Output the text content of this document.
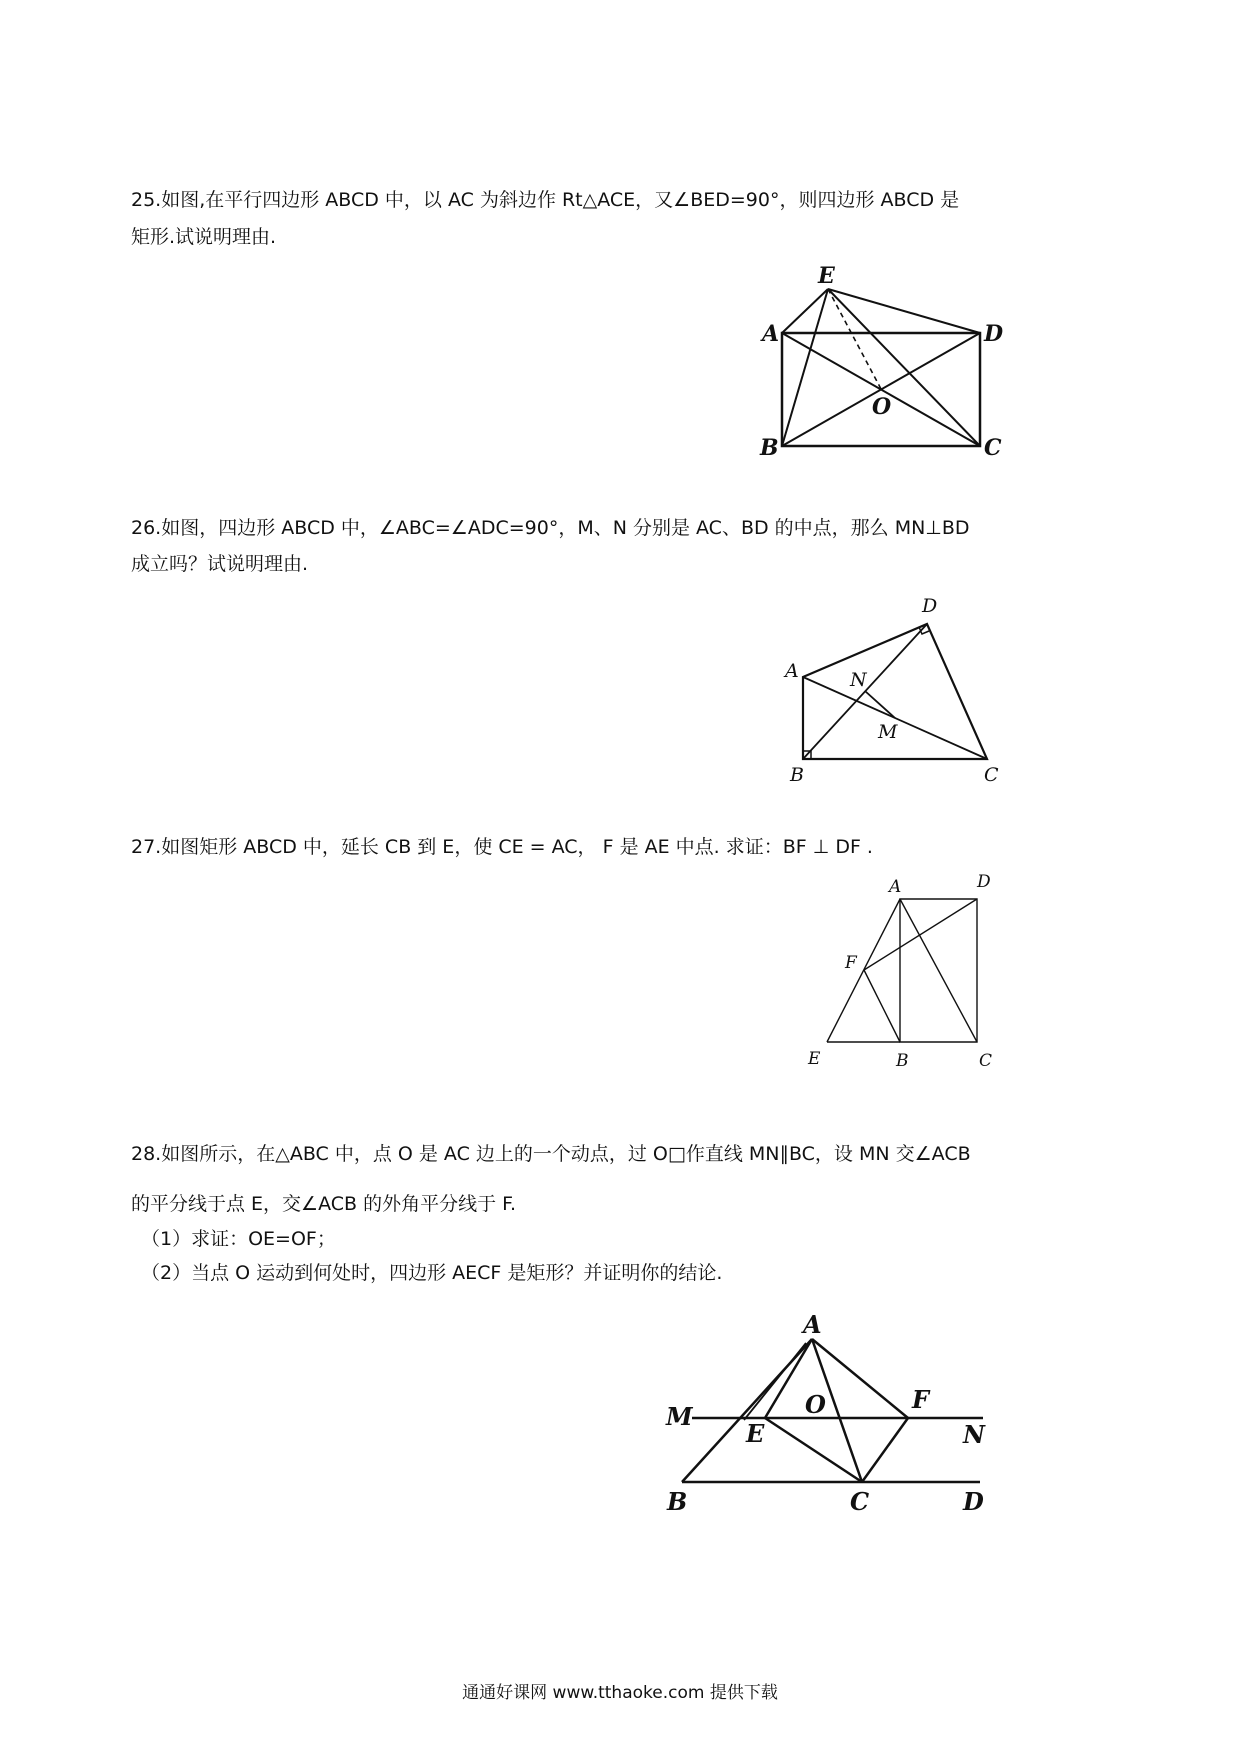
25.如图,在平行四边形 ABCD 中，以 AC 为斜边作 Rt△ACE，又∠BED=90°，则四边形 ABCD 是
矩形.试说明理由.
E
A	D
O
B	C
26.如图，四边形 ABCD 中，∠ABC=∠ADC=90°，M、N 分别是 AC、BD 的中点，那么 MN⊥BD
成立吗？试说明理由.
D
A	N
M
B	C
27.如图矩形 ABCD 中，延长 CB 到 E，使 CE = AC， F 是 AE 中点. 求证：BF ⊥ DF .
A	D
F
E	B	C
28.如图所示，在△ABC 中，点 O 是 AC 边上的一个动点，过 O□作直线 MN∥BC，设 MN 交∠ACB
的平分线于点 E，交∠ACB 的外角平分线于 F.
（1）求证：OE=OF；
（2）当点 O 运动到何处时，四边形 AECF 是矩形？并证明你的结论.
A
M	O	F
E	N
B	C	D
通通好课网 www.tthaoke.com 提供下载
